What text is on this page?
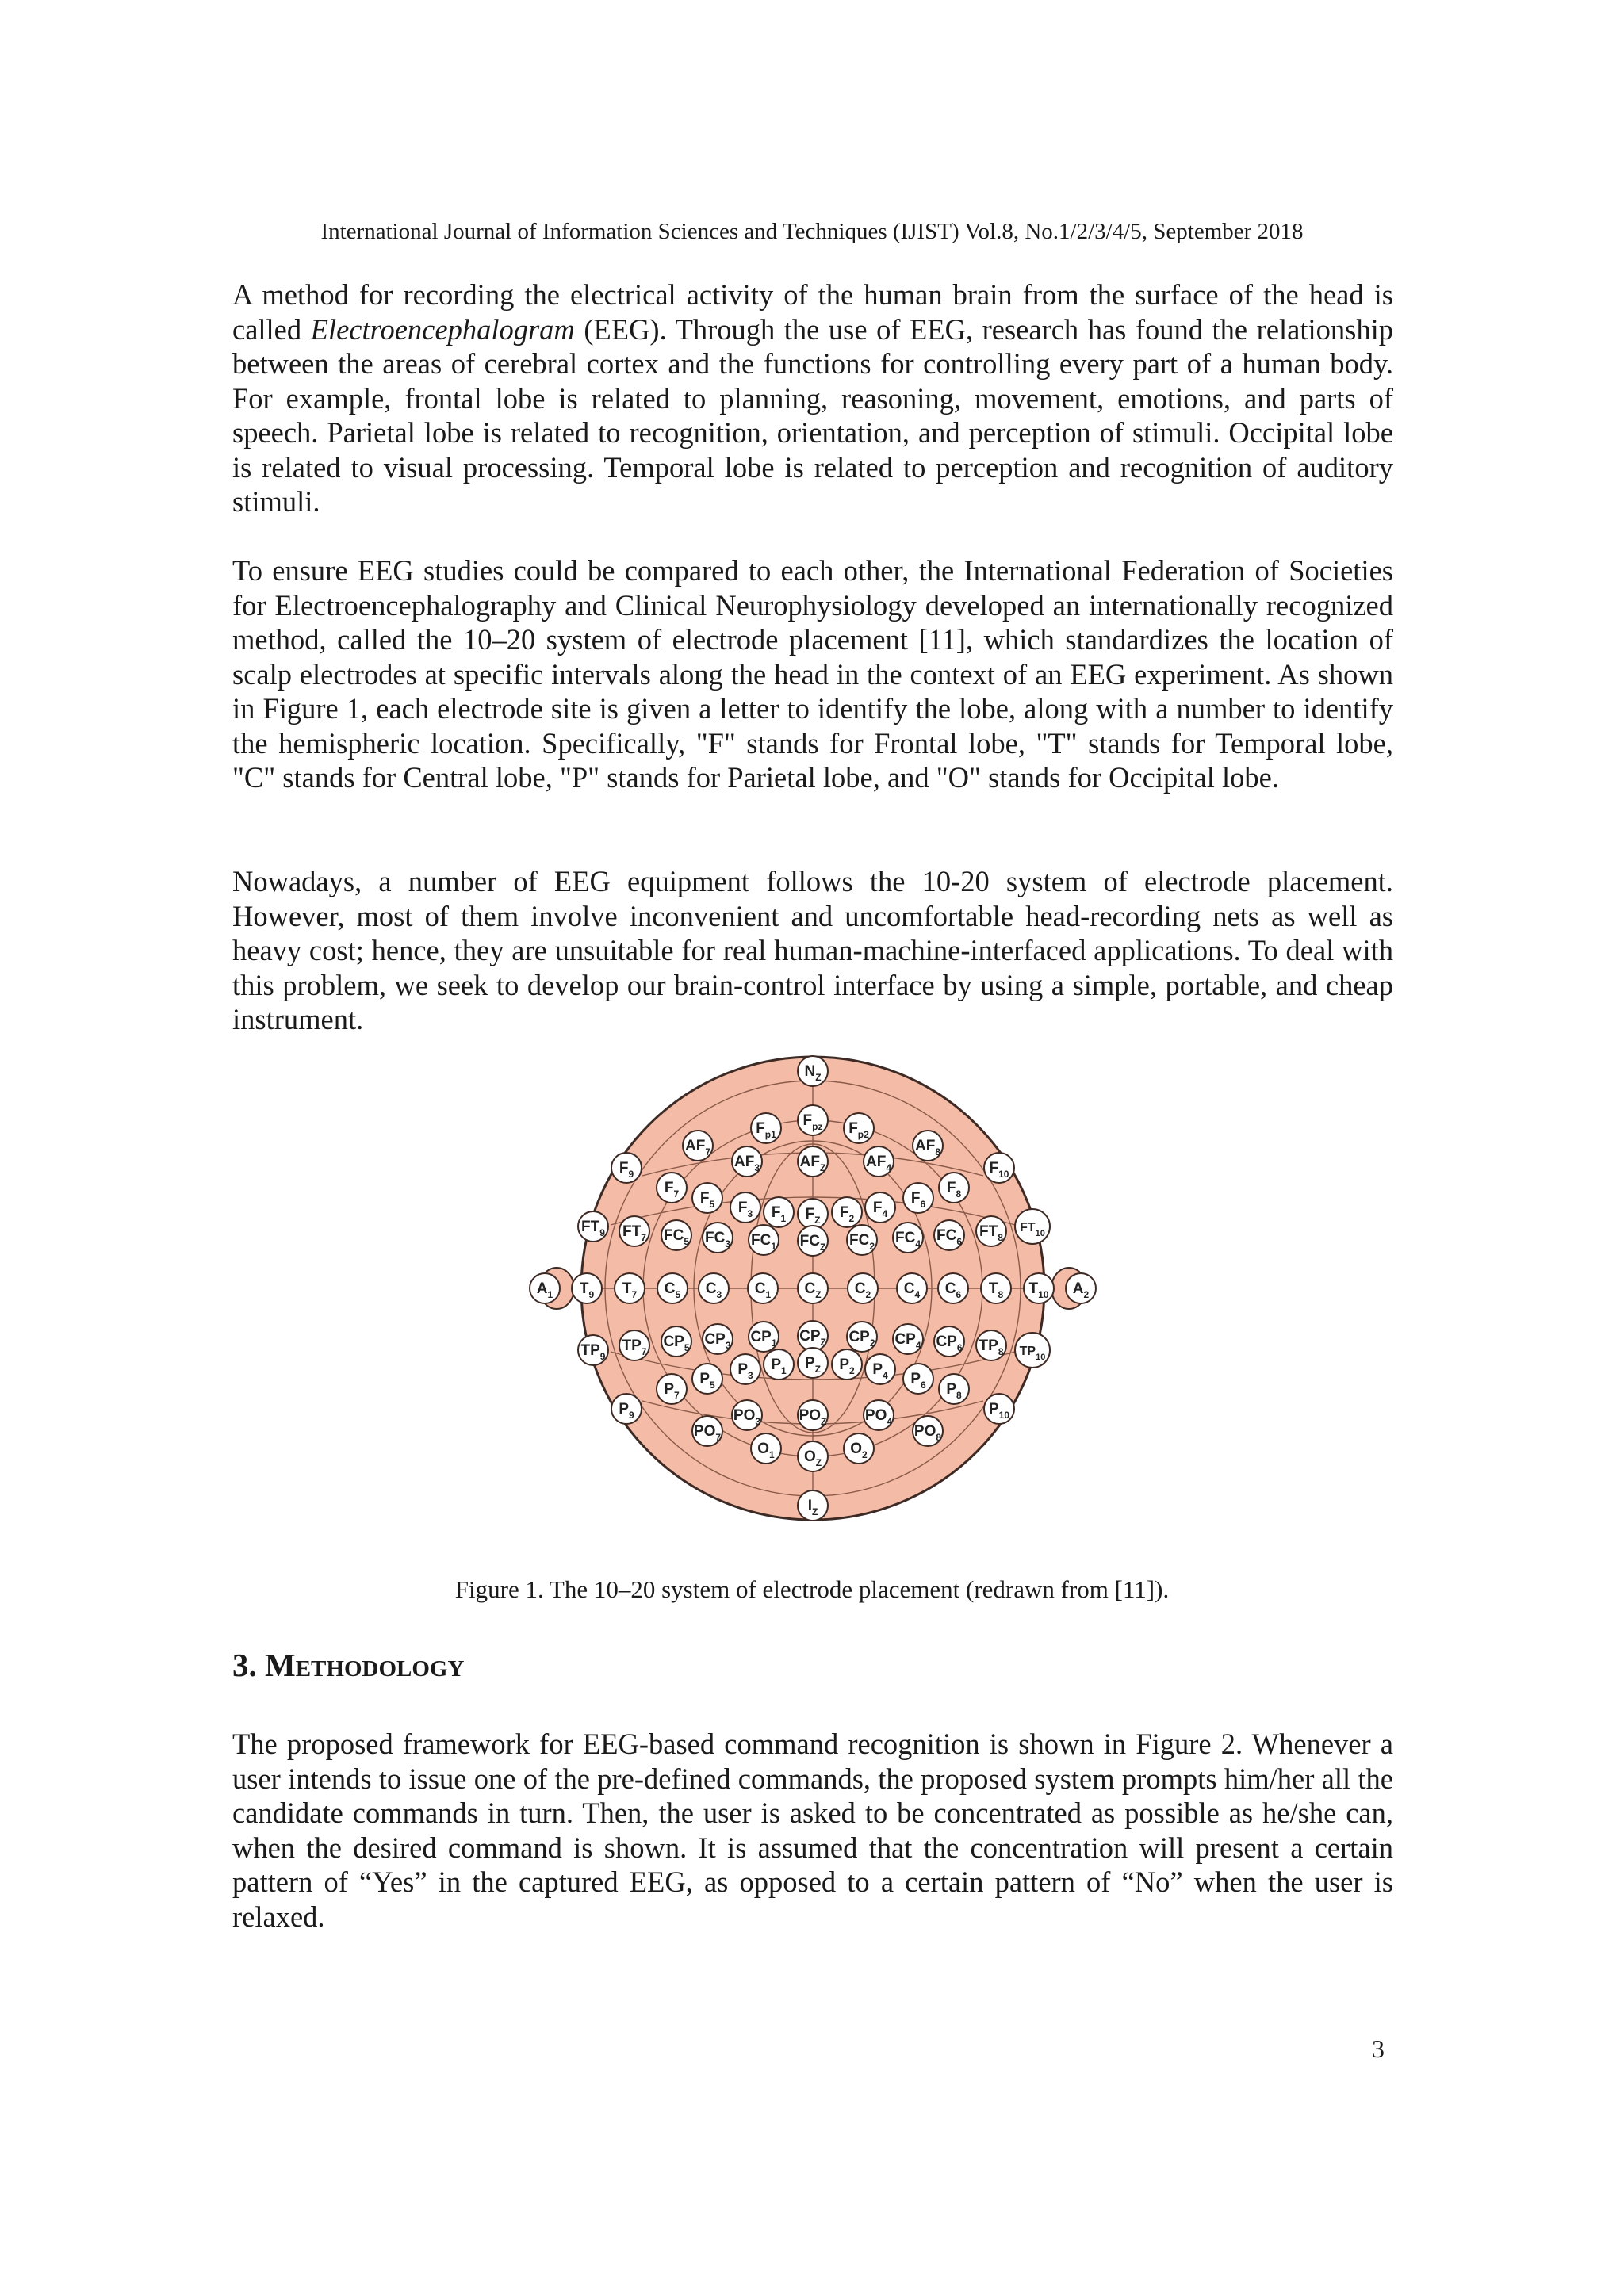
International Journal of Information Sciences and Techniques (IJIST) Vol.8, No.1/2/3/4/5, September 2018

A method for recording the electrical activity of the human brain from the surface of the head is called Electroencephalogram (EEG). Through the use of EEG, research has found the relationship between the areas of cerebral cortex and the functions for controlling every part of a human body. For example, frontal lobe is related to planning, reasoning, movement, emotions, and parts of speech. Parietal lobe is related to recognition, orientation, and perception of stimuli. Occipital lobe is related to visual processing. Temporal lobe is related to perception and recognition of auditory stimuli.

To ensure EEG studies could be compared to each other, the International Federation of Societies for Electroencephalography and Clinical Neurophysiology developed an internationally recognized method, called the 10–20 system of electrode placement [11], which standardizes the location of scalp electrodes at specific intervals along the head in the context of an EEG experiment. As shown in Figure 1, each electrode site is given a letter to identify the lobe, along with a number to identify the hemispheric location. Specifically, "F" stands for Frontal lobe, "T" stands for Temporal lobe, "C" stands for Central lobe, "P" stands for Parietal lobe, and "O" stands for Occipital lobe.

Nowadays, a number of EEG equipment follows the 10-20 system of electrode placement. However, most of them involve inconvenient and uncomfortable head-recording nets as well as heavy cost; hence, they are unsuitable for real human-machine-interfaced applications. To deal with this problem, we seek to develop our brain-control interface by using a simple, portable, and cheap instrument.

$N_Z$
$F_{pz}$
$F_{p1}$	$F_{p2}$
$AF_7$
$AF_3$	$AF_Z$	$AF_4$
$AF_8$
$F_9$
$F_7$ $F_5$ $F_3$ $F_1$ $F_Z$ $F_2$
$F_4$
$F_6$
$F_8$
$F_{10}$
$FT_9$ $FT_7$ $FC_5$ $FC_3$ $FC_1$ $FC_Z$ $FC_2$ $FC_4$ $FC_6$
$FT_8$
$FT_{10}$
$A_1$ $T_9$ $T_7$ $C_5$ $C_3$ $C_1$ $C_Z$ $C_2$ $C_4$ $C_6$ $T_8$ $T_{10}$ $A_2$
$TP_9$
$TP_7$
$CP_5$ $CP_3$ $CP_1$ $CP_Z$ $CP_2$ $CP_4$ $CP_6$ $TP_8$ $TP_{10}$
$P_9$
$P_7$
$P_5$
$P_3$
$P_1$ $P_Z$ $P_2$ $P_4$ $P_6$ $P_8$
$P_{10}$
$PO_7$
$PO_3$	$PO_Z$	$PO_4$
$PO_8$
$O_1$ $O_Z$
$O_2$
$I_Z$
Figure 1. The 10–20 system of electrode placement (redrawn from [11]).
3. Methodology

The proposed framework for EEG-based command recognition is shown in Figure 2. Whenever a user intends to issue one of the pre-defined commands, the proposed system prompts him/her all the candidate commands in turn. Then, the user is asked to be concentrated as possible as he/she can, when the desired command is shown. It is assumed that the concentration will present a certain pattern of “Yes” in the captured EEG, as opposed to a certain pattern of “No” when the user is relaxed.

3
